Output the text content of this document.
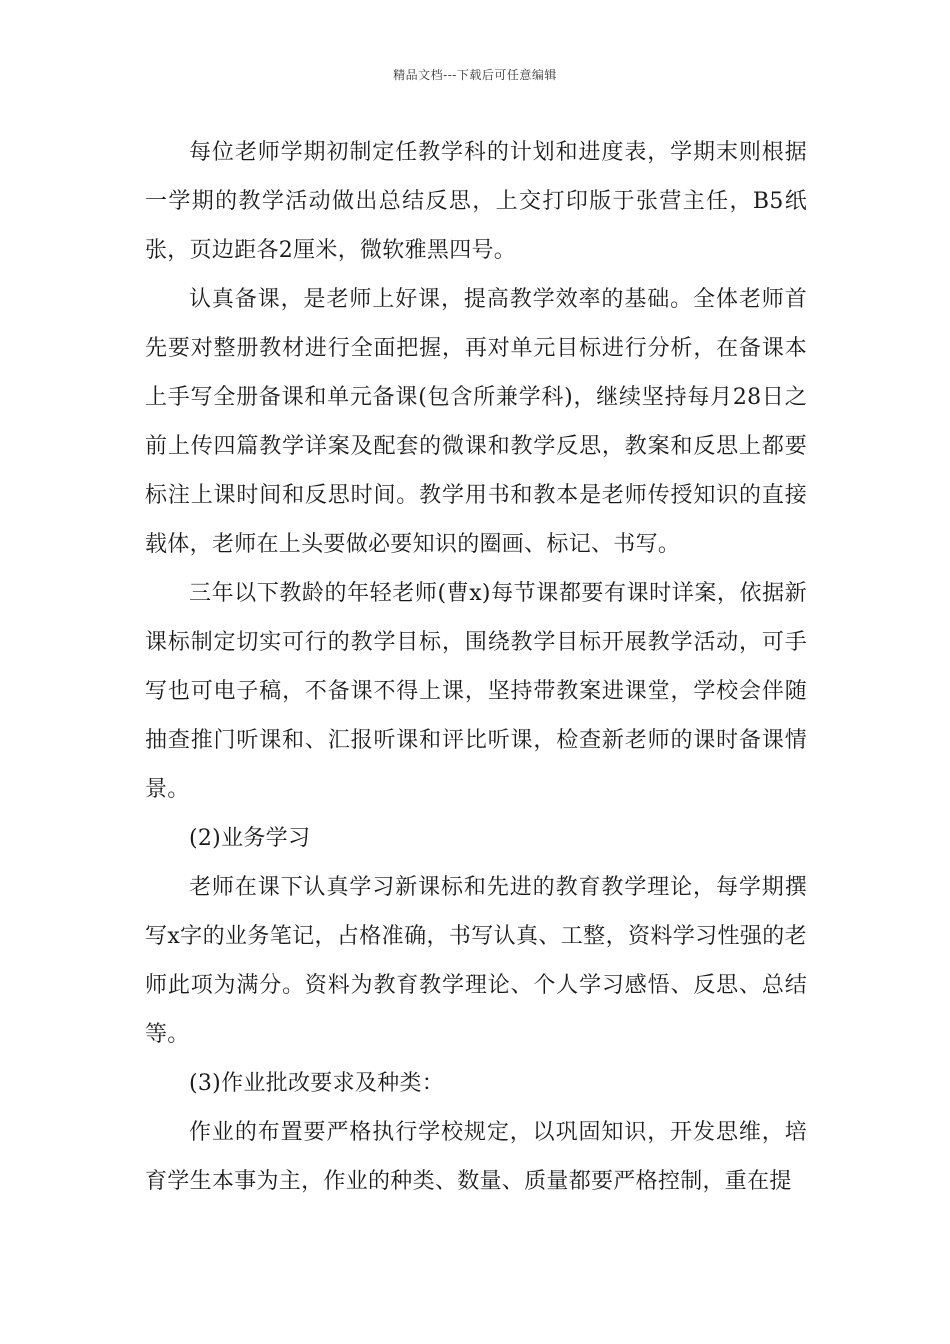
精品文档---下载后可任意编辑

每位老师学期初制定任教学科的计划和进度表，学期末则根据一学期的教学活动做出总结反思，上交打印版于张营主任，B5纸张，页边距各2厘米，微软雅黑四号。

认真备课，是老师上好课，提高教学效率的基础。全体老师首先要对整册教材进行全面把握，再对单元目标进行分析，在备课本上手写全册备课和单元备课(包含所兼学科)，继续坚持每月28日之前上传四篇教学详案及配套的微课和教学反思，教案和反思上都要标注上课时间和反思时间。教学用书和教本是老师传授知识的直接载体，老师在上头要做必要知识的圈画、标记、书写。

三年以下教龄的年轻老师(曹x)每节课都要有课时详案，依据新课标制定切实可行的教学目标，围绕教学目标开展教学活动，可手写也可电子稿，不备课不得上课，坚持带教案进课堂，学校会伴随抽查推门听课和、汇报听课和评比听课，检查新老师的课时备课情景。

(2)业务学习

老师在课下认真学习新课标和先进的教育教学理论，每学期撰写x字的业务笔记，占格准确，书写认真、工整，资料学习性强的老师此项为满分。资料为教育教学理论、个人学习感悟、反思、总结等。

(3)作业批改要求及种类：

作业的布置要严格执行学校规定，以巩固知识，开发思维，培育学生本事为主，作业的种类、数量、质量都要严格控制，重在提
